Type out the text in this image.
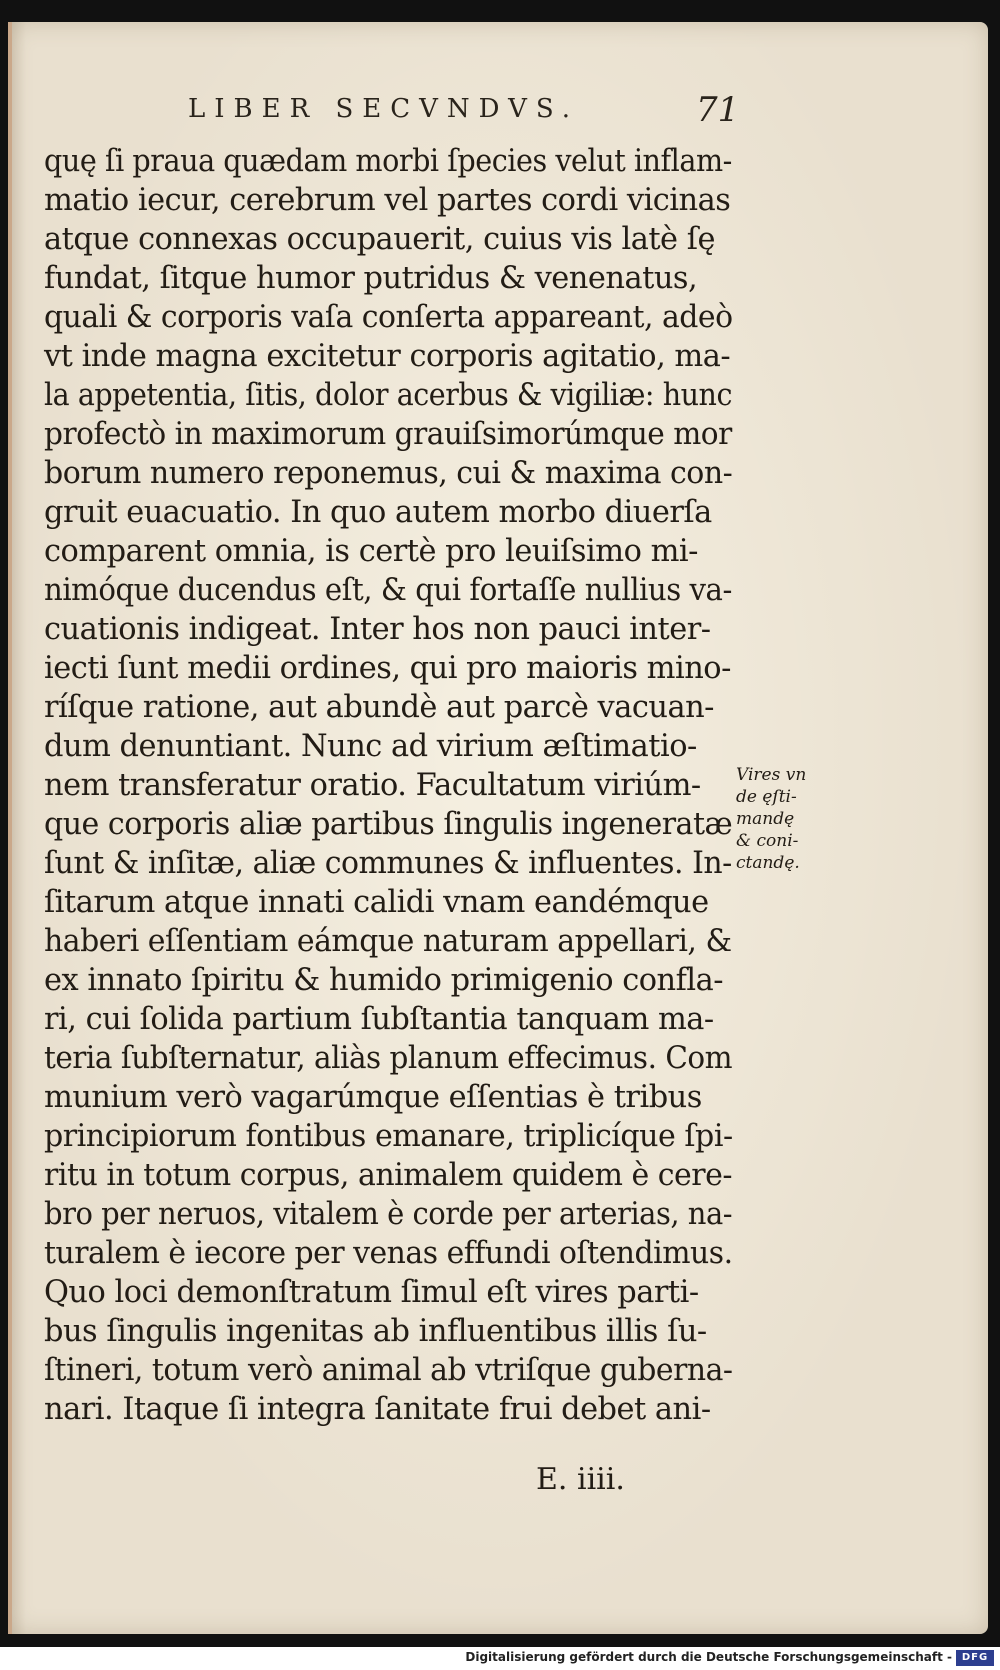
LIBER SECVNDVS.	71
quę ſi praua quædam morbi ſpecies velut inflam-
matio iecur, cerebrum vel partes cordi vicinas
atque connexas occupauerit, cuius vis latè ſę
fundat, ſitque humor putridus & venenatus,
quali & corporis vaſa conſerta appareant, adeò
vt inde magna excitetur corporis agitatio, ma-
la appetentia, ſitis, dolor acerbus & vigiliæ: hunc
profectò in maximorum grauiſsimorúmque mor
borum numero reponemus, cui & maxima con-
gruit euacuatio. In quo autem morbo diuerſa
comparent omnia, is certè pro leuiſsimo mi-
nimóque ducendus eſt, & qui fortaſſe nullius va-
cuationis indigeat. Inter hos non pauci inter-
iecti ſunt medii ordines, qui pro maioris mino-
ríſque ratione, aut abundè aut parcè vacuan-
dum denuntiant. Nunc ad virium æſtimatio-
nem transferatur oratio. Facultatum viriúm-
que corporis aliæ partibus ſingulis ingeneratæ
ſunt & inſitæ, aliæ communes & influentes. In-
ſitarum atque innati calidi vnam eandémque
haberi eſſentiam eámque naturam appellari, &
ex innato ſpiritu & humido primigenio confla-
ri, cui ſolida partium ſubſtantia tanquam ma-
teria ſubſternatur, aliàs planum effecimus. Com
munium verò vagarúmque eſſentias è tribus
principiorum fontibus emanare, triplicíque ſpi-
ritu in totum corpus, animalem quidem è cere-
bro per neruos, vitalem è corde per arterias, na-
turalem è iecore per venas effundi oſtendimus.
Quo loci demonſtratum ſimul eſt vires parti-
bus ſingulis ingenitas ab influentibus illis ſu-
ſtineri, totum verò animal ab vtriſque guberna-
nari. Itaque ſi integra ſanitate frui debet ani-
Vires vn
de ęſti-
mandę
& coni-
ctandę.
E. iiii.
Digitalisierung gefördert durch die Deutsche Forschungsgemeinschaft - DFG
